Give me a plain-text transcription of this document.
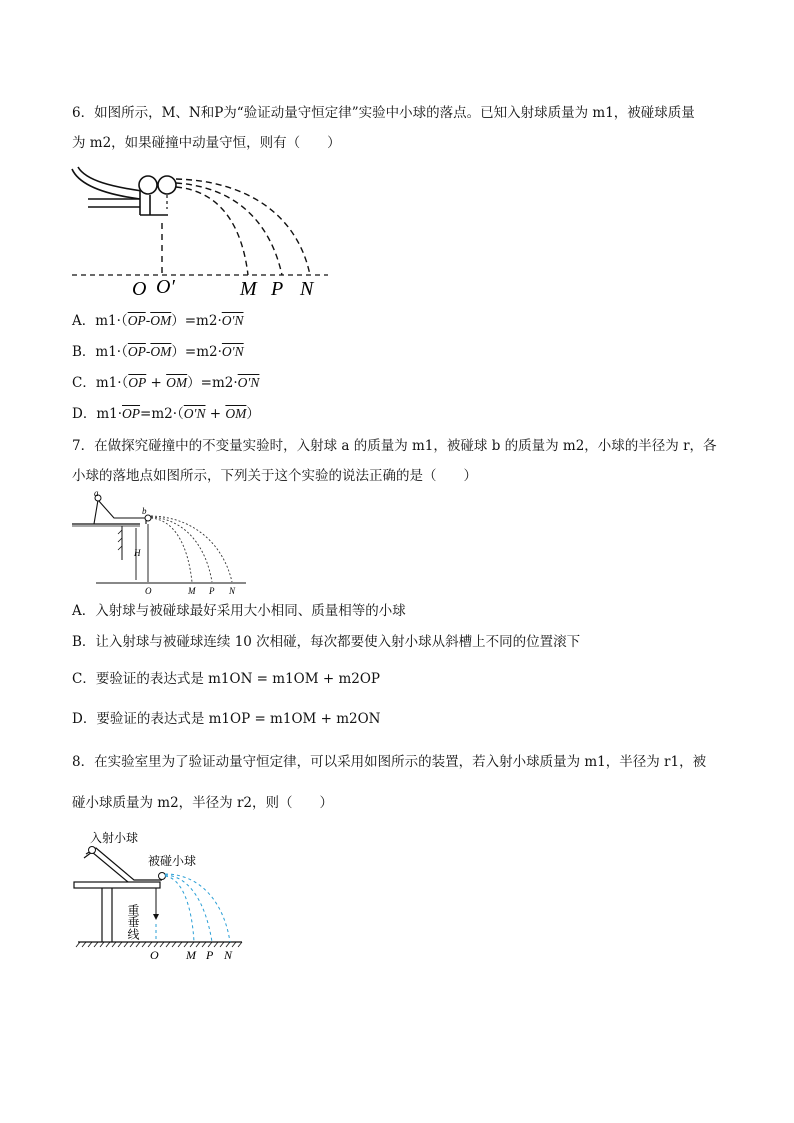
6．如图所示，M、N和P为“验证动量守恒定律”实验中小球的落点。已知入射球质量为 m1，被碰球质量
为 m2，如果碰撞中动量守恒，则有（　　）
O O′	M P N
A．$m1\cdot(\overline{OP}-\overline{OM})=m2\cdot O'N$
B．$m1\cdot(\overline{OP}-\overline{OM})=m2\cdot O'N$
C．$m1\cdot(\overline{OP} + \overline{OM})=m2\cdot O'N$
D．$m1\cdot\overline{OP}=m2\cdot(O'N + \overline{OM})$
7．在做探究碰撞中的不变量实验时，入射球 a 的质量为 m1，被碰球 b 的质量为 m2，小球的半径为 r，各
小球的落地点如图所示，下列关于这个实验的说法正确的是（　　）
a
b
H
O	M P N
A．入射球与被碰球最好采用大小相同、质量相等的小球
B．让入射球与被碰球连续 10 次相碰，每次都要使入射小球从斜槽上不同的位置滚下
C．要验证的表达式是 m1ON = m1OM + m2OP
D．要验证的表达式是 m1OP = m1OM + m2ON
8．在实验室里为了验证动量守恒定律，可以采用如图所示的装置，若入射小球质量为 m1，半径为 r1，被
碰小球质量为 m2，半径为 r2，则（　　）
入射小球
被碰小球
重垂线
O M P N
